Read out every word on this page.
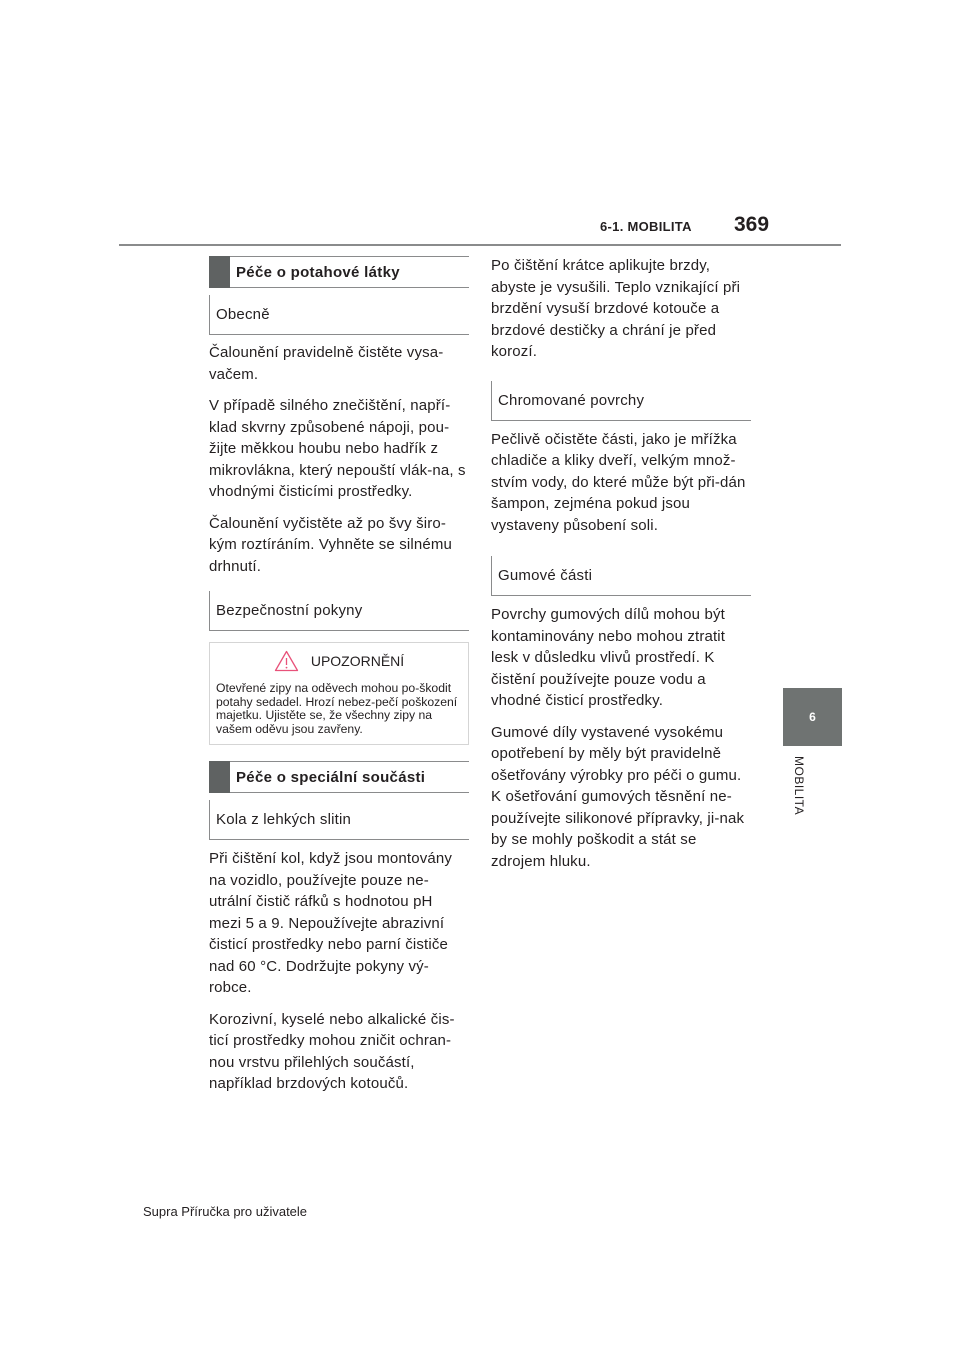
6-1. MOBILITA 369
6
MOBILITA
Péče o potahové látky
Obecně

Čalounění pravidelně čistěte vysa-vačem.

V případě silného znečištění, napří-klad skvrny způsobené nápoji, pou-žijte měkkou houbu nebo hadřík z mikrovlákna, který nepouští vlák-na, s vhodnými čisticími prostředky.

Čalounění vyčistěte až po švy širo-kým roztíráním. Vyhněte se silnému drhnutí.

Bezpečnostní pokyny
UPOZORNĚNÍ
Otevřené zipy na oděvech mohou po-škodit potahy sedadel. Hrozí nebez-pečí poškození majetku. Ujistěte se, že všechny zipy na vašem oděvu jsou zavřeny.
Péče o speciální součásti
Kola z lehkých slitin

Při čištění kol, když jsou montovány na vozidlo, používejte pouze ne-utrální čistič ráfků s hodnotou pH mezi 5 a 9. Nepoužívejte abrazivní čisticí prostředky nebo parní čističe nad 60 °C. Dodržujte pokyny vý-robce.

Korozivní, kyselé nebo alkalické čis-ticí prostředky mohou zničit ochran-nou vrstvu přilehlých součástí, například brzdových kotoučů.

Po čištění krátce aplikujte brzdy, abyste je vysušili. Teplo vznikající při brzdění vysuší brzdové kotouče a brzdové destičky a chrání je před korozí.

Chromované povrchy

Pečlivě očistěte části, jako je mřížka chladiče a kliky dveří, velkým množ-stvím vody, do které může být při-dán šampon, zejména pokud jsou vystaveny působení soli.

Gumové části

Povrchy gumových dílů mohou být kontaminovány nebo mohou ztratit lesk v důsledku vlivů prostředí. K čistění používejte pouze vodu a vhodné čisticí prostředky.

Gumové díly vystavené vysokému opotřebení by měly být pravidelně ošetřovány výrobky pro péči o gumu. K ošetřování gumových těsnění ne-používejte silikonové přípravky, ji-nak by se mohly poškodit a stát se zdrojem hluku.

Supra Příručka pro uživatele
